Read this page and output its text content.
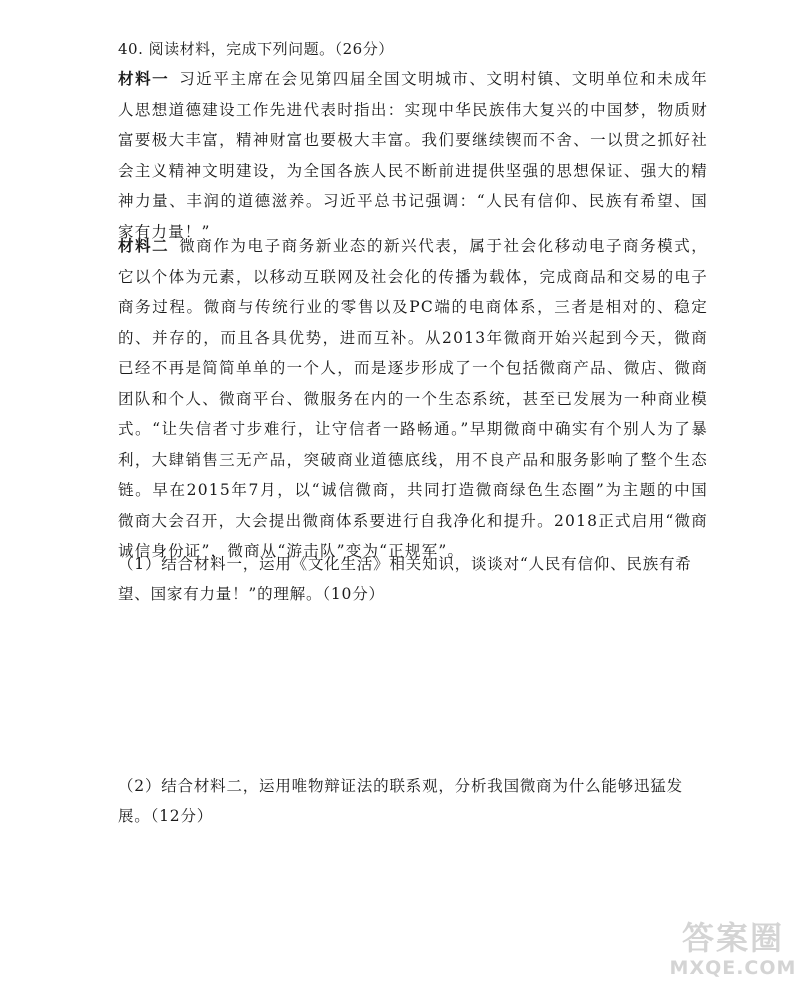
40. 阅读材料，完成下列问题。（26分）
材料一 习近平主席在会见第四届全国文明城市、文明村镇、文明单位和未成年人思想道德建设工作先进代表时指出：实现中华民族伟大复兴的中国梦，物质财富要极大丰富，精神财富也要极大丰富。我们要继续锲而不舍、一以贯之抓好社会主义精神文明建设，为全国各族人民不断前进提供坚强的思想保证、强大的精神力量、丰润的道德滋养。习近平总书记强调：“人民有信仰、民族有希望、国家有力量！”
材料二 微商作为电子商务新业态的新兴代表，属于社会化移动电子商务模式，它以个体为元素，以移动互联网及社会化的传播为载体，完成商品和交易的电子商务过程。微商与传统行业的零售以及PC端的电商体系，三者是相对的、稳定的、并存的，而且各具优势，进而互补。从2013年微商开始兴起到今天，微商已经不再是简简单单的一个人，而是逐步形成了一个包括微商产品、微店、微商团队和个人、微商平台、微服务在内的一个生态系统，甚至已发展为一种商业模式。“让失信者寸步难行，让守信者一路畅通。”早期微商中确实有个别人为了暴利，大肆销售三无产品，突破商业道德底线，用不良产品和服务影响了整个生态链。早在2015年7月，以“诚信微商，共同打造微商绿色生态圈”为主题的中国微商大会召开，大会提出微商体系要进行自我净化和提升。2018正式启用“微商诚信身份证”，微商从“游击队”变为“正规军”。
（1）结合材料一，运用《文化生活》相关知识，谈谈对“人民有信仰、民族有希望、国家有力量！”的理解。（10分）
（2）结合材料二，运用唯物辩证法的联系观，分析我国微商为什么能够迅猛发展。（12分）
答案圈
MXQE.COM
